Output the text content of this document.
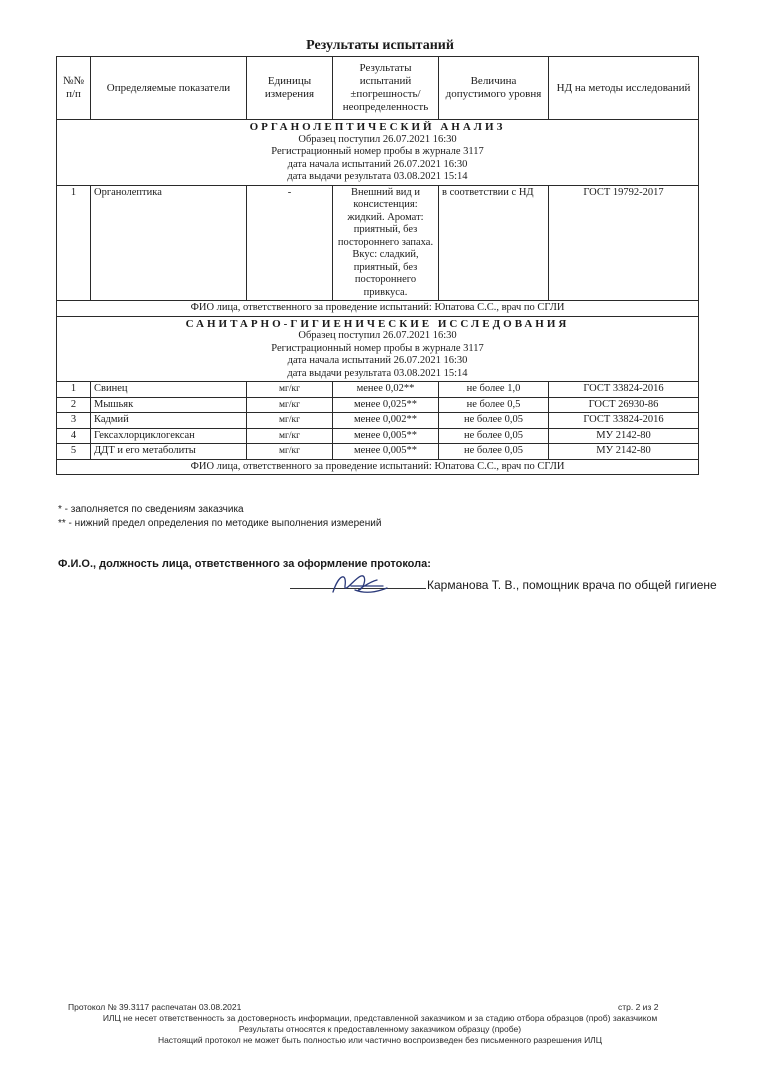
Результаты испытаний
№№ п/п	Определяемые показатели	Единицы измерения	Результаты испытаний ±погрешность/ неопределенность	Величина допустимого уровня	НД на методы исследований

ОРГАНОЛЕПТИЧЕСКИЙ АНАЛИЗ
Образец поступил 26.07.2021 16:30
Регистрационный номер пробы в журнале 3117
дата начала испытаний 26.07.2021 16:30
дата выдачи результата 03.08.2021 15:14					

1	Органолептика	-	Внешний вид и консистенция: жидкий. Аромат: приятный, без постороннего запаха. Вкус: сладкий, приятный, без постороннего привкуса.	в соответствии с НД	ГОСТ 19792-2017
ФИО лица, ответственного за проведение испытаний: Юпатова С.С., врач по СГЛИ					

САНИТАРНО-ГИГИЕНИЧЕСКИЕ ИССЛЕДОВАНИЯ
Образец поступил 26.07.2021 16:30
Регистрационный номер пробы в журнале 3117
дата начала испытаний 26.07.2021 16:30
дата выдачи результата 03.08.2021 15:14					

1	Свинец	мг/кг	менее 0,02**	не более 1,0	ГОСТ 33824-2016
2	Мышьяк	мг/кг	менее 0,025**	не более 0,5	ГОСТ 26930-86
3	Кадмий	мг/кг	менее 0,002**	не более 0,05	ГОСТ 33824-2016
4	Гексахлорциклогексан	мг/кг	менее 0,005**	не более 0,05	МУ 2142-80
5	ДДТ и его метаболиты	мг/кг	менее 0,005**	не более 0,05	МУ 2142-80
ФИО лица, ответственного за проведение испытаний: Юпатова С.С., врач по СГЛИ					
* - заполняется по сведениям заказчика
** - нижний предел определения по методике выполнения измерений
Ф.И.О., должность лица, ответственного за оформление протокола:
Карманова Т. В., помощник врача по общей гигиене
Протокол № 39.3117 распечатан 03.08.2021	стр. 2 из 2
ИЛЦ не несет ответственность за достоверность информации, представленной заказчиком и за стадию отбора образцов (проб) заказчиком
Результаты относятся к предоставленному заказчиком образцу (пробе)
Настоящий протокол не может быть полностью или частично воспроизведен без письменного разрешения ИЛЦ
